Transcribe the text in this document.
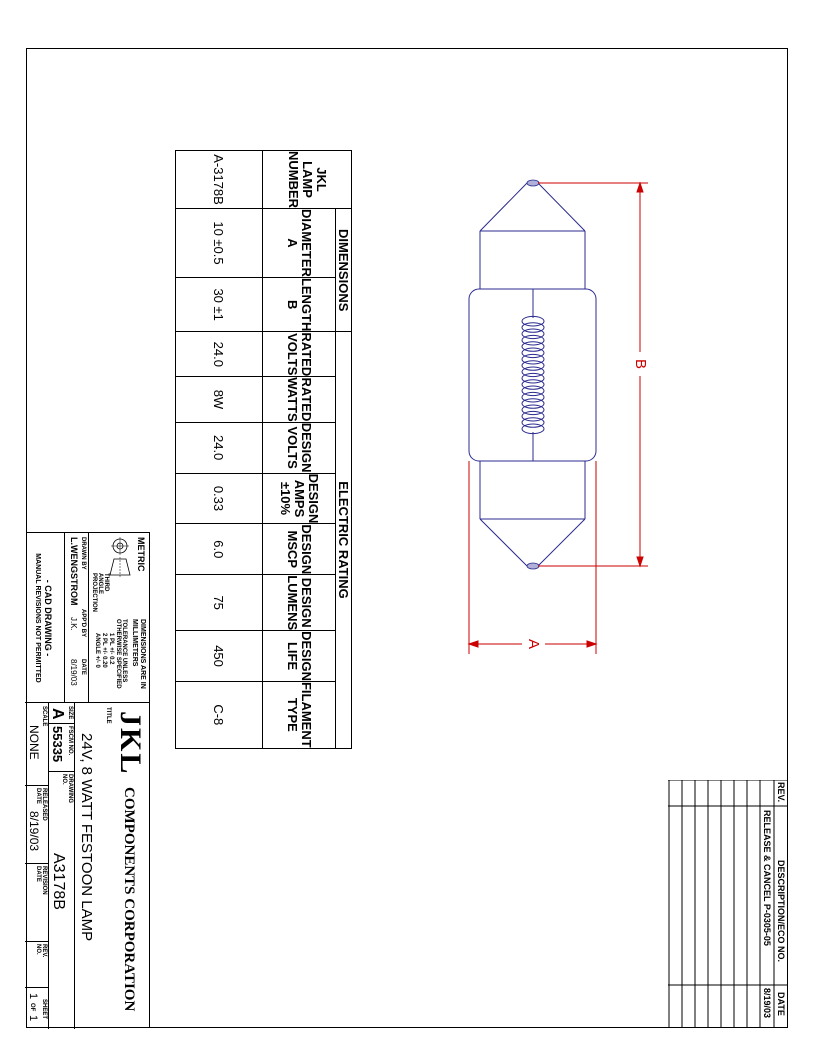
JKL LAMP NUMBER	DIMENSIONS		ELECTRIC RATING							
	DIAMETER A	LENGTH B	RATED VOLTS	RATED WATTS	DESIGN VOLTS	DESIGN AMPS ±10%	DESIGN MSCP	DESIGN LUMENS	DESIGN LIFE	FILAMENT TYPE
A-3178B	10 ±0.5	30 ±1	24.0	8W	24.0	0.33	6.0	75	450	C-8
B
A
METRIC
THIRD ANGLE PROJECTION
DIMENSIONS ARE IN MILLIMETERS
TOLERANCE UNLESS OTHERWISE SPECIFIED
1 PL +/- 0.2
2 PL +/- 0.20
ANGLE +/- 0
DRAWN BY
L.WENGSTROM
APP'D BY
J.K.
DATE
8/19/03
- CAD DRAWING -
MANUAL REVISIONS NOT PERMITTED
JKL
COMPONENTS CORPORATION
TITLE
24V, 8 WATT FESTOON LAMP
SIZE
A
FSCM NO.
55335
DRAWING NO.
A3178B
SCALE
NONE
RELEASED DATE
8/19/03
REVISION DATE
REV. NO.
SHEET
1
OF
1
REV.
DESCRIPTION/ECO NO.
DATE
RELEASE & CANCEL P-0305-05
8/19/03
